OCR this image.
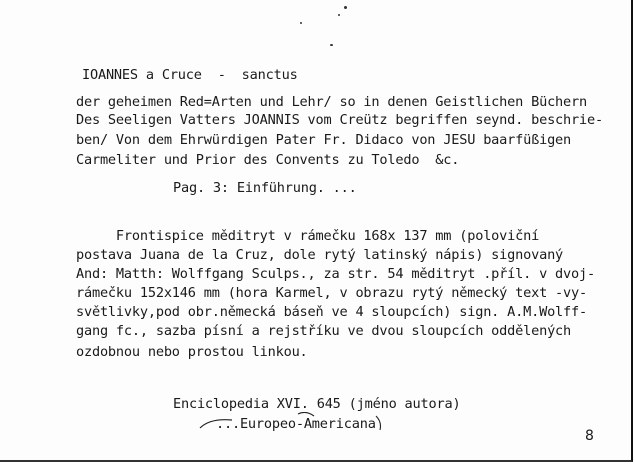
IOANNES a Cruce  -  sanctus
der geheimen Red=Arten und Lehr/ so in denen Geistlichen Büchern
Des Seeligen Vatters JOANNIS vom Creütz begriffen seynd. beschrie-
ben/ Von dem Ehrwürdigen Pater Fr. Didaco von JESU baarfüßigen
Carmeliter und Prior des Convents zu Toledo  &c.
Pag. 3: Einführung. ...
Frontispice měditryt v rámečku 168x 137 mm (poloviční
postava Juana de la Cruz, dole rytý latinský nápis) signovaný
And: Matth: Wolffgang Sculps., za str. 54 měditryt .příl. v dvoj-
rámečku 152x146 mm (hora Karmel, v obrazu rytý německý text -vy-
světlivky,pod obr.německá báseň ve 4 sloupcích) sign. A.M.Wolff-
gang fc., sazba písní a rejstříku ve dvou sloupcích oddělených
ozdobnou nebo prostou linkou.
Enciclopedia XVI. 645 (jméno autora)
...Europeo-Americana
8
